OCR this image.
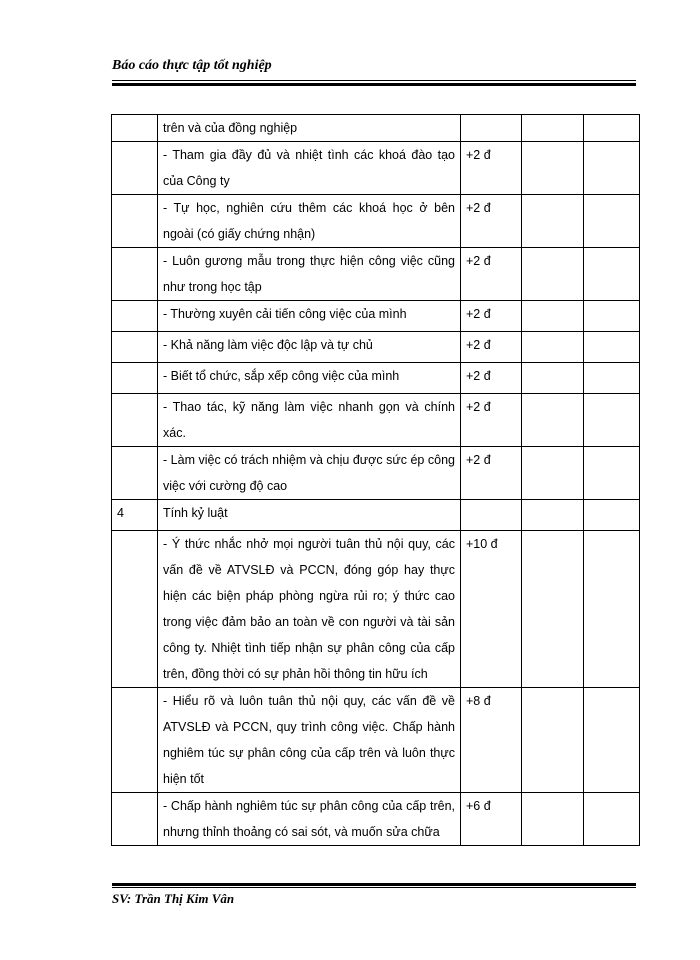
Báo cáo thực tập tốt nghiệp
	trên và của đồng nghiệp			
	- Tham gia đầy đủ và nhiệt tình các khoá đào tạo của Công ty	+2 đ		
	- Tự học, nghiên cứu thêm các khoá học ở bên ngoài (có giấy chứng nhận)	+2 đ		
	- Luôn gương mẫu trong thực hiện công việc cũng như trong học tập	+2 đ		
	- Thường xuyên cải tiến công việc của mình	+2 đ		
	- Khả năng làm việc độc lập và tự chủ	+2 đ		
	- Biết tổ chức, sắp xếp công việc của mình	+2 đ		
	- Thao tác, kỹ năng làm việc nhanh gọn và chính xác.	+2 đ		
	- Làm việc có trách nhiệm và chịu được sức ép công việc với cường độ cao	+2 đ		
4	Tính kỷ luật			
	- Ý thức nhắc nhở mọi người tuân thủ nội quy, các vấn đề về ATVSLĐ và PCCN, đóng góp hay thực hiện các biện pháp phòng ngừa rủi ro; ý thức cao trong việc đảm bảo an toàn về con người và tài sản công ty. Nhiệt tình tiếp nhận sự phân công của cấp trên, đồng thời có sự phản hồi thông tin hữu ích	+10 đ		
	- Hiểu rõ và luôn tuân thủ nội quy, các vấn đề về ATVSLĐ và PCCN, quy trình công việc. Chấp hành nghiêm túc sự phân công của cấp trên và luôn thực hiện tốt	+8 đ		
	- Chấp hành nghiêm túc sự phân công của cấp trên, nhưng thỉnh thoảng có sai sót, và muốn sửa chữa	+6 đ		
SV: Trần Thị Kim Vân
